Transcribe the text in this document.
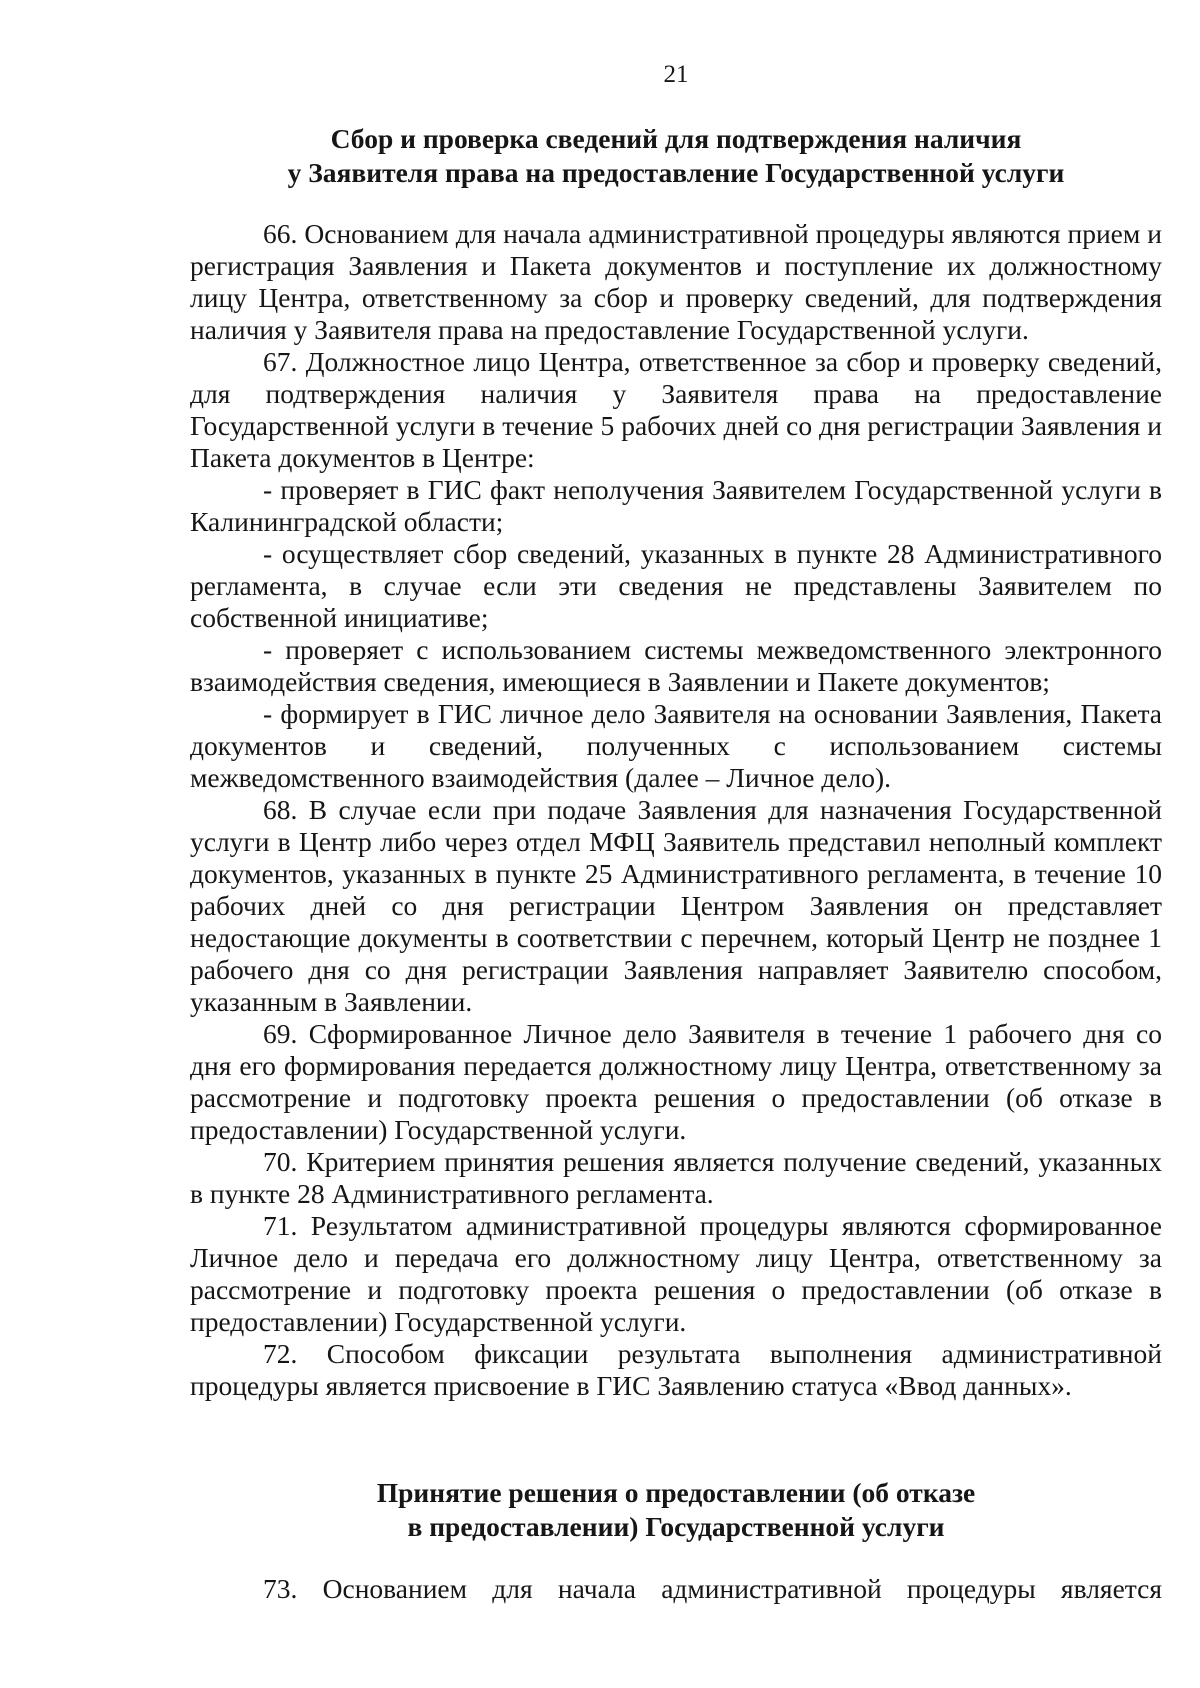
21
Сбор и проверка сведений для подтверждения наличия
у Заявителя права на предоставление Государственной услуги

66. Основанием для начала административной процедуры являются прием и регистрация Заявления и Пакета документов и поступление их должностному лицу Центра, ответственному за сбор и проверку сведений, для подтверждения наличия у Заявителя права на предоставление Государственной услуги.

67. Должностное лицо Центра, ответственное за сбор и проверку сведений, для подтверждения наличия у Заявителя права на предоставление Государственной услуги в течение 5 рабочих дней со дня регистрации Заявления и Пакета документов в Центре:

- проверяет в ГИС факт неполучения Заявителем Государственной услуги в Калининградской области;

- осуществляет сбор сведений, указанных в пункте 28 Административного регламента, в случае если эти сведения не представлены Заявителем по собственной инициативе;

- проверяет с использованием системы межведомственного электронного взаимодействия сведения, имеющиеся в Заявлении и Пакете документов;

- формирует в ГИС личное дело Заявителя на основании Заявления, Пакета документов и сведений, полученных с использованием системы межведомственного взаимодействия (далее – Личное дело).

68. В случае если при подаче Заявления для назначения Государственной услуги в Центр либо через отдел МФЦ Заявитель представил неполный комплект документов, указанных в пункте 25 Административного регламента, в течение 10 рабочих дней со дня регистрации Центром Заявления он представляет недостающие документы в соответствии с перечнем, который Центр не позднее 1 рабочего дня со дня регистрации Заявления направляет Заявителю способом, указанным в Заявлении.

69. Сформированное Личное дело Заявителя в течение 1 рабочего дня со дня его формирования передается должностному лицу Центра, ответственному за рассмотрение и подготовку проекта решения о предоставлении (об отказе в предоставлении) Государственной услуги.

70. Критерием принятия решения является получение сведений, указанных в пункте 28 Административного регламента.

71. Результатом административной процедуры являются сформированное Личное дело и передача его должностному лицу Центра, ответственному за рассмотрение и подготовку проекта решения о предоставлении (об отказе в предоставлении) Государственной услуги.

72. Способом фиксации результата выполнения административной процедуры является присвоение в ГИС Заявлению статуса «Ввод данных».

Принятие решения о предоставлении (об отказе
в предоставлении) Государственной услуги

73. Основанием для начала административной процедуры является
